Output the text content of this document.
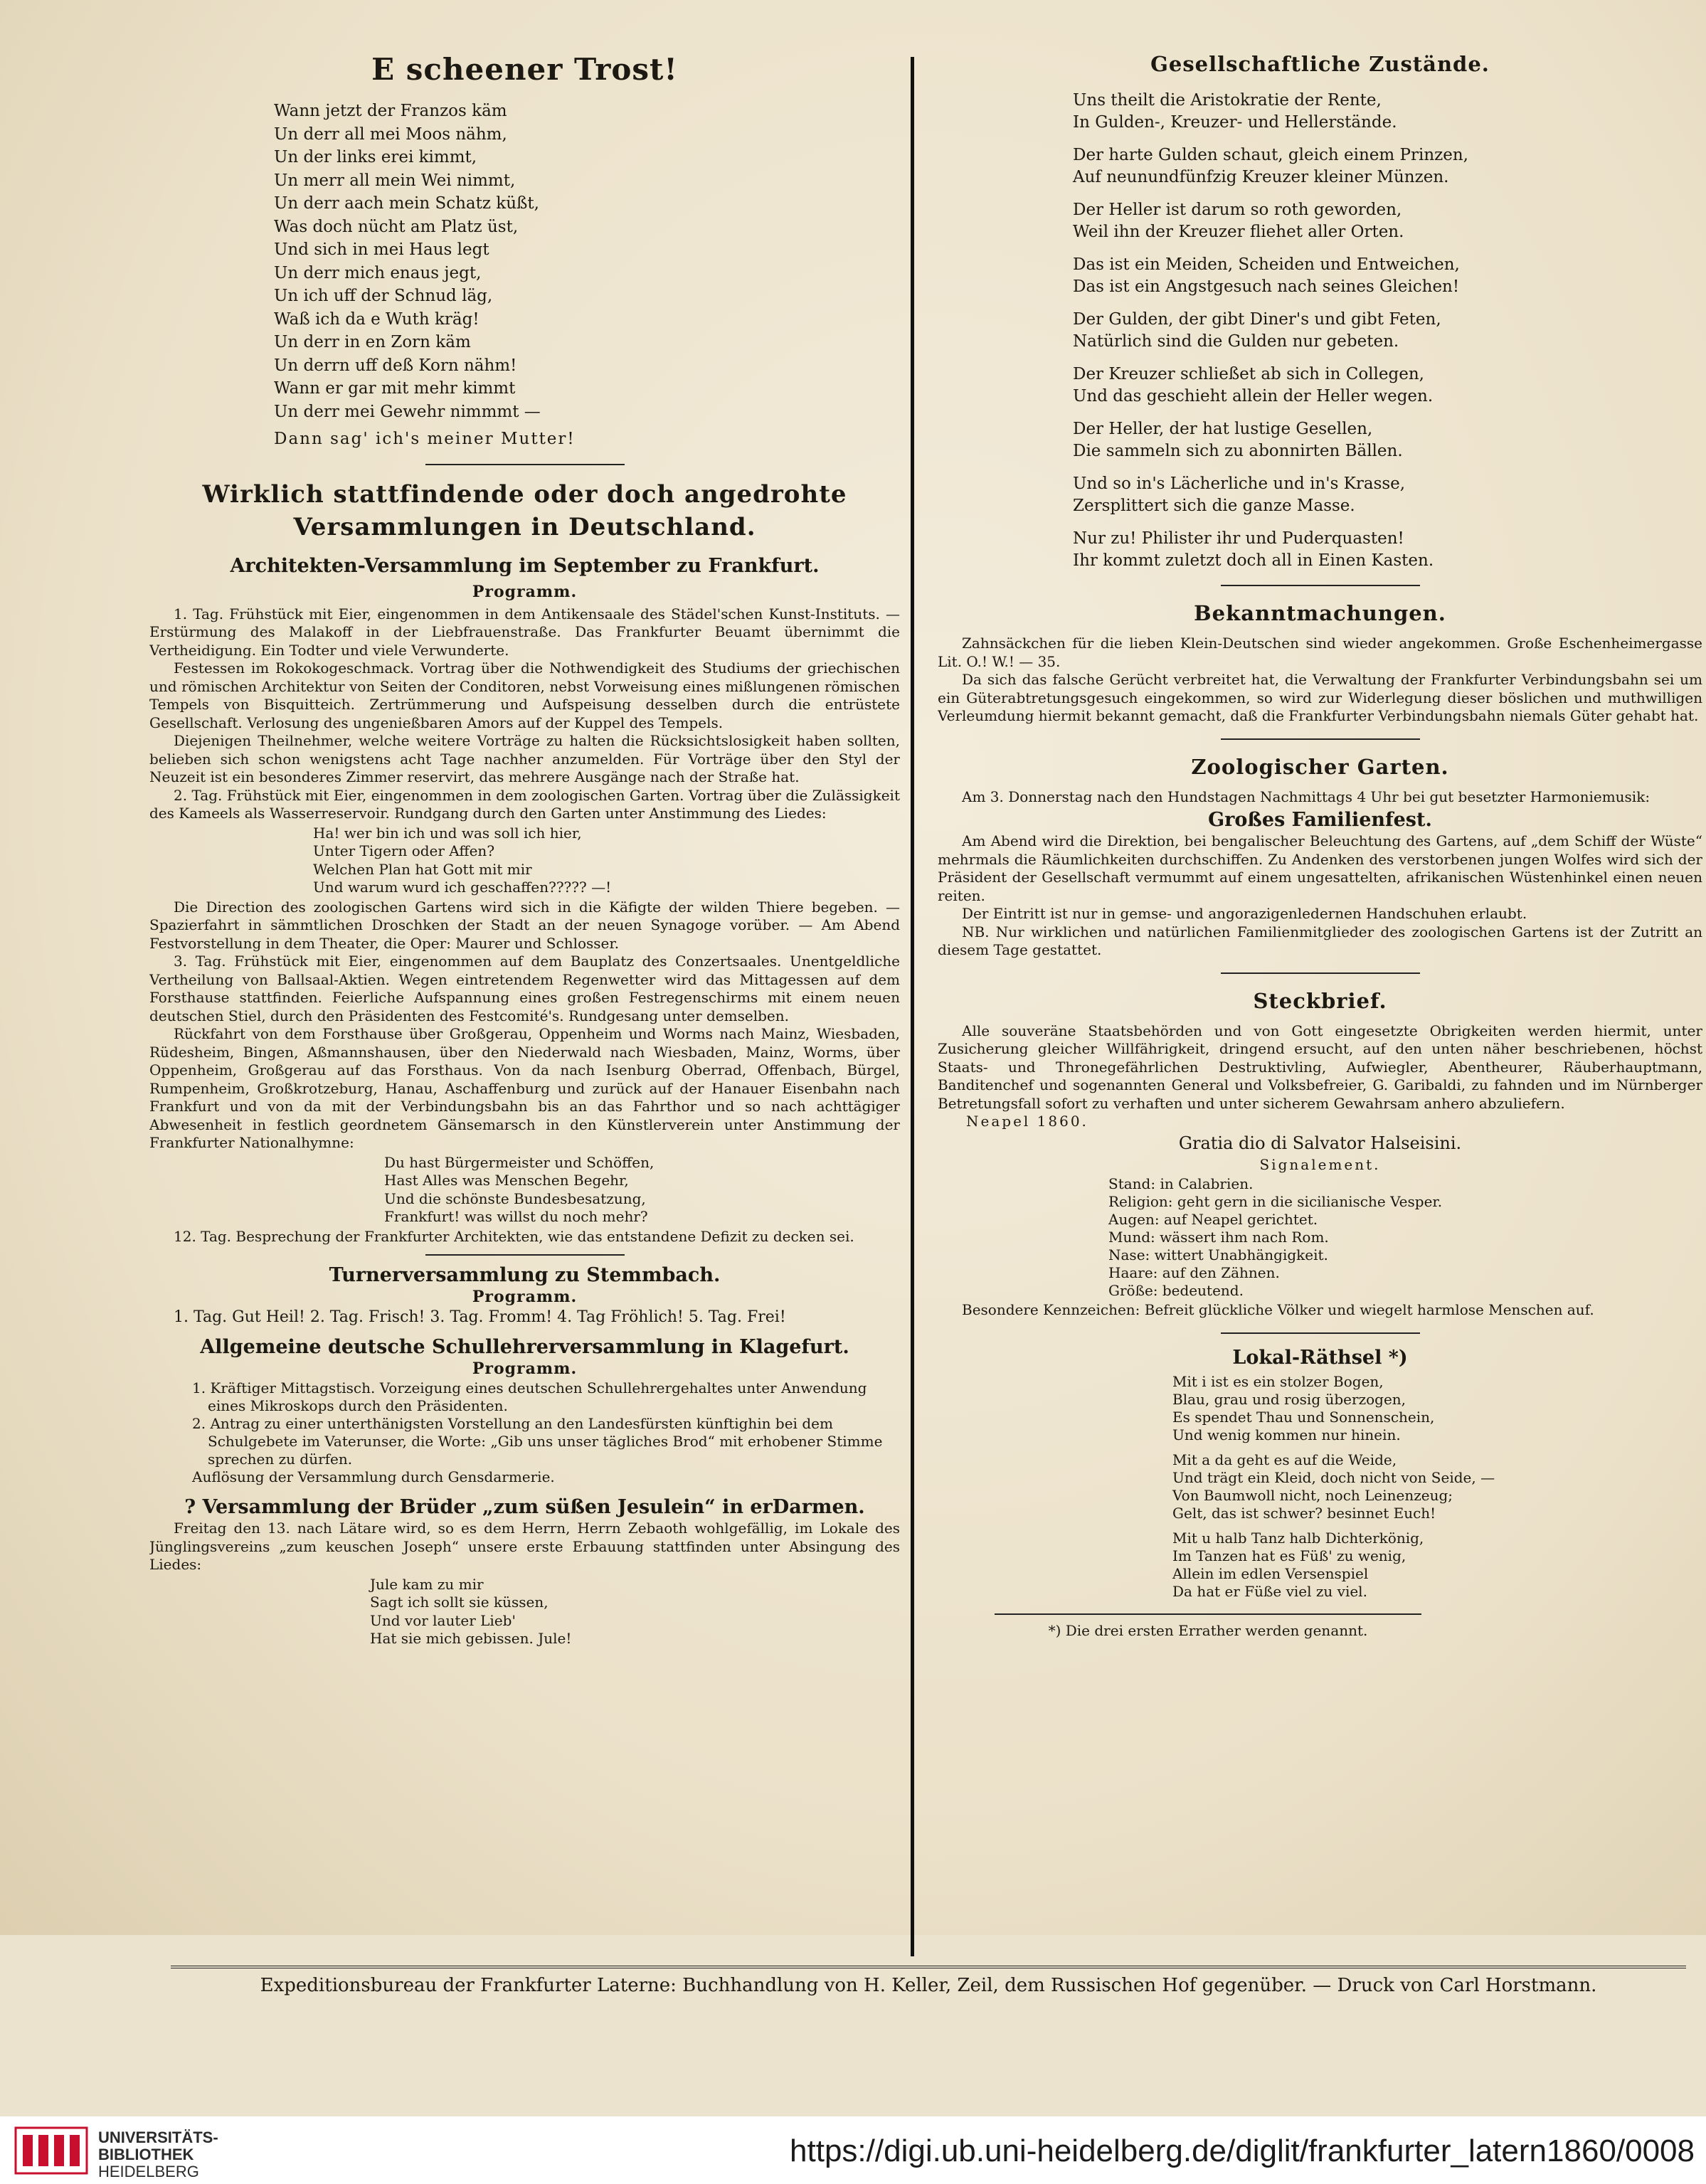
E scheener Trost!
Wann jetzt der Franzos käm
Un derr all mei Moos nähm,
Un der links erei kimmt,
Un merr all mein Wei nimmt,
Un derr aach mein Schatz küßt,
Was doch nücht am Platz üst,
Und sich in mei Haus legt
Un derr mich enaus jegt,
Un ich uff der Schnud läg,
Waß ich da e Wuth kräg!
Un derr in en Zorn käm
Un derrn uff deß Korn nähm!
Wann er gar mit mehr kimmt
Un derr mei Gewehr nimmmt —
Dann sag' ich's meiner Mutter!
Wirklich stattfindende oder doch angedrohte
Versammlungen in Deutschland.
Architekten-Versammlung im September zu Frankfurt.
Programm.

1. Tag. Frühstück mit Eier, eingenommen in dem Antikensaale des Städel'schen Kunst-Instituts. — Erstürmung des Malakoff in der Liebfrauenstraße. Das Frankfurter Beuamt übernimmt die Vertheidigung. Ein Todter und viele Verwunderte.

Festessen im Rokokogeschmack. Vortrag über die Nothwendigkeit des Studiums der griechischen und römischen Architektur von Seiten der Conditoren, nebst Vorweisung eines mißlungenen römischen Tempels von Bisquitteich. Zertrümmerung und Aufspeisung desselben durch die entrüstete Gesellschaft. Verlosung des ungenießbaren Amors auf der Kuppel des Tempels.

Diejenigen Theilnehmer, welche weitere Vorträge zu halten die Rücksichtslosigkeit haben sollten, belieben sich schon wenigstens acht Tage nachher anzumelden. Für Vorträge über den Styl der Neuzeit ist ein besonderes Zimmer reservirt, das mehrere Ausgänge nach der Straße hat.

2. Tag. Frühstück mit Eier, eingenommen in dem zoologischen Garten. Vortrag über die Zulässigkeit des Kameels als Wasserreservoir. Rundgang durch den Garten unter Anstimmung des Liedes:

Ha! wer bin ich und was soll ich hier,
Unter Tigern oder Affen?
Welchen Plan hat Gott mit mir
Und warum wurd ich geschaffen????? —!

Die Direction des zoologischen Gartens wird sich in die Käfigte der wilden Thiere begeben. — Spazierfahrt in sämmtlichen Droschken der Stadt an der neuen Synagoge vorüber. — Am Abend Festvorstellung in dem Theater, die Oper: Maurer und Schlosser.

3. Tag. Frühstück mit Eier, eingenommen auf dem Bauplatz des Conzertsaales. Unentgeldliche Vertheilung von Ballsaal-Aktien. Wegen eintretendem Regenwetter wird das Mittagessen auf dem Forsthause stattfinden. Feierliche Aufspannung eines großen Festregenschirms mit einem neuen deutschen Stiel, durch den Präsidenten des Festcomité's. Rundgesang unter demselben.

Rückfahrt von dem Forsthause über Großgerau, Oppenheim und Worms nach Mainz, Wiesbaden, Rüdesheim, Bingen, Aßmannshausen, über den Niederwald nach Wiesbaden, Mainz, Worms, über Oppenheim, Großgerau auf das Forsthaus. Von da nach Isenburg Oberrad, Offenbach, Bürgel, Rumpenheim, Großkrotzeburg, Hanau, Aschaffenburg und zurück auf der Hanauer Eisenbahn nach Frankfurt und von da mit der Verbindungsbahn bis an das Fahrthor und so nach achttägiger Abwesenheit in festlich geordnetem Gänsemarsch in den Künstlerverein unter Anstimmung der Frankfurter Nationalhymne:

Du hast Bürgermeister und Schöffen,
Hast Alles was Menschen Begehr,
Und die schönste Bundesbesatzung,
Frankfurt! was willst du noch mehr?

12. Tag. Besprechung der Frankfurter Architekten, wie das entstandene Defizit zu decken sei.

Turnerversammlung zu Stemmbach.
Programm.

1. Tag. Gut Heil! 2. Tag. Frisch! 3. Tag. Fromm! 4. Tag Fröhlich! 5. Tag. Frei!

Allgemeine deutsche Schullehrerversammlung in Klagefurt.
Programm.
1. Kräftiger Mittagstisch. Vorzeigung eines deutschen Schullehrergehaltes unter Anwendung eines Mikroskops durch den Präsidenten.
2. Antrag zu einer unterthänigsten Vorstellung an den Landesfürsten künftighin bei dem Schulgebete im Vaterunser, die Worte: „Gib uns unser tägliches Brod“ mit erhobener Stimme sprechen zu dürfen.
Auflösung der Versammlung durch Gensdarmerie.
? Versammlung der Brüder „zum süßen Jesulein“ in erDarmen.

Freitag den 13. nach Lätare wird, so es dem Herrn, Herrn Zebaoth wohlgefällig, im Lokale des Jünglingsvereins „zum keuschen Joseph“ unsere erste Erbauung stattfinden unter Absingung des Liedes:

Jule kam zu mir
Sagt ich sollt sie küssen,
Und vor lauter Lieb'
Hat sie mich gebissen. Jule!
Gesellschaftliche Zustände.
Uns theilt die Aristokratie der Rente,
In Gulden-, Kreuzer- und Hellerstände.
Der harte Gulden schaut, gleich einem Prinzen,
Auf neunundfünfzig Kreuzer kleiner Münzen.
Der Heller ist darum so roth geworden,
Weil ihn der Kreuzer fliehet aller Orten.
Das ist ein Meiden, Scheiden und Entweichen,
Das ist ein Angstgesuch nach seines Gleichen!
Der Gulden, der gibt Diner's und gibt Feten,
Natürlich sind die Gulden nur gebeten.
Der Kreuzer schließet ab sich in Collegen,
Und das geschieht allein der Heller wegen.
Der Heller, der hat lustige Gesellen,
Die sammeln sich zu abonnirten Bällen.
Und so in's Lächerliche und in's Krasse,
Zersplittert sich die ganze Masse.
Nur zu! Philister ihr und Puderquasten!
Ihr kommt zuletzt doch all in Einen Kasten.
Bekanntmachungen.

Zahnsäckchen für die lieben Klein-Deutschen sind wieder angekommen. Große Eschenheimergasse Lit. O.! W.! — 35.

Da sich das falsche Gerücht verbreitet hat, die Verwaltung der Frankfurter Verbindungsbahn sei um ein Güterabtretungsgesuch eingekommen, so wird zur Widerlegung dieser böslichen und muthwilligen Verleumdung hiermit bekannt gemacht, daß die Frankfurter Verbindungsbahn niemals Güter gehabt hat.

Zoologischer Garten.

Am 3. Donnerstag nach den Hundstagen Nachmittags 4 Uhr bei gut besetzter Harmoniemusik:

Großes Familienfest.

Am Abend wird die Direktion, bei bengalischer Beleuchtung des Gartens, auf „dem Schiff der Wüste“ mehrmals die Räumlichkeiten durchschiffen. Zu Andenken des verstorbenen jungen Wolfes wird sich der Präsident der Gesellschaft vermummt auf einem ungesattelten, afrikanischen Wüstenhinkel einen neuen reiten.

Der Eintritt ist nur in gemse- und angorazigenledernen Handschuhen erlaubt.

NB. Nur wirklichen und natürlichen Familienmitglieder des zoologischen Gartens ist der Zutritt an diesem Tage gestattet.

Steckbrief.

Alle souveräne Staatsbehörden und von Gott eingesetzte Obrigkeiten werden hiermit, unter Zusicherung gleicher Willfährigkeit, dringend ersucht, auf den unten näher beschriebenen, höchst Staats- und Thronegefährlichen Destruktivling, Aufwiegler, Abentheurer, Räuberhauptmann, Banditenchef und sogenannten General und Volksbefreier, G. Garibaldi, zu fahnden und im Nürnberger Betretungsfall sofort zu verhaften und unter sicherem Gewahrsam anhero abzuliefern.

Neapel 1860.
Gratia dio di Salvator Halseisini.
Signalement.
Stand: in Calabrien.
Religion: geht gern in die sicilianische Vesper.
Augen: auf Neapel gerichtet.
Mund: wässert ihm nach Rom.
Nase: wittert Unabhängigkeit.
Haare: auf den Zähnen.
Größe: bedeutend.

Besondere Kennzeichen: Befreit glückliche Völker und wiegelt harmlose Menschen auf.

Lokal-Räthsel *)
Mit i ist es ein stolzer Bogen,
Blau, grau und rosig überzogen,
Es spendet Thau und Sonnenschein,
Und wenig kommen nur hinein.
Mit a da geht es auf die Weide,
Und trägt ein Kleid, doch nicht von Seide, —
Von Baumwoll nicht, noch Leinenzeug;
Gelt, das ist schwer? besinnet Euch!
Mit u halb Tanz halb Dichterkönig,
Im Tanzen hat es Füß' zu wenig,
Allein im edlen Versenspiel
Da hat er Füße viel zu viel.
*) Die drei ersten Errather werden genannt.
Expeditionsbureau der Frankfurter Laterne: Buchhandlung von H. Keller, Zeil, dem Russischen Hof gegenüber. — Druck von Carl Horstmann.
UNIVERSITÄTS-
BIBLIOTHEK
HEIDELBERG
https://digi.ub.uni-heidelberg.de/diglit/frankfurter_latern1860/0008
